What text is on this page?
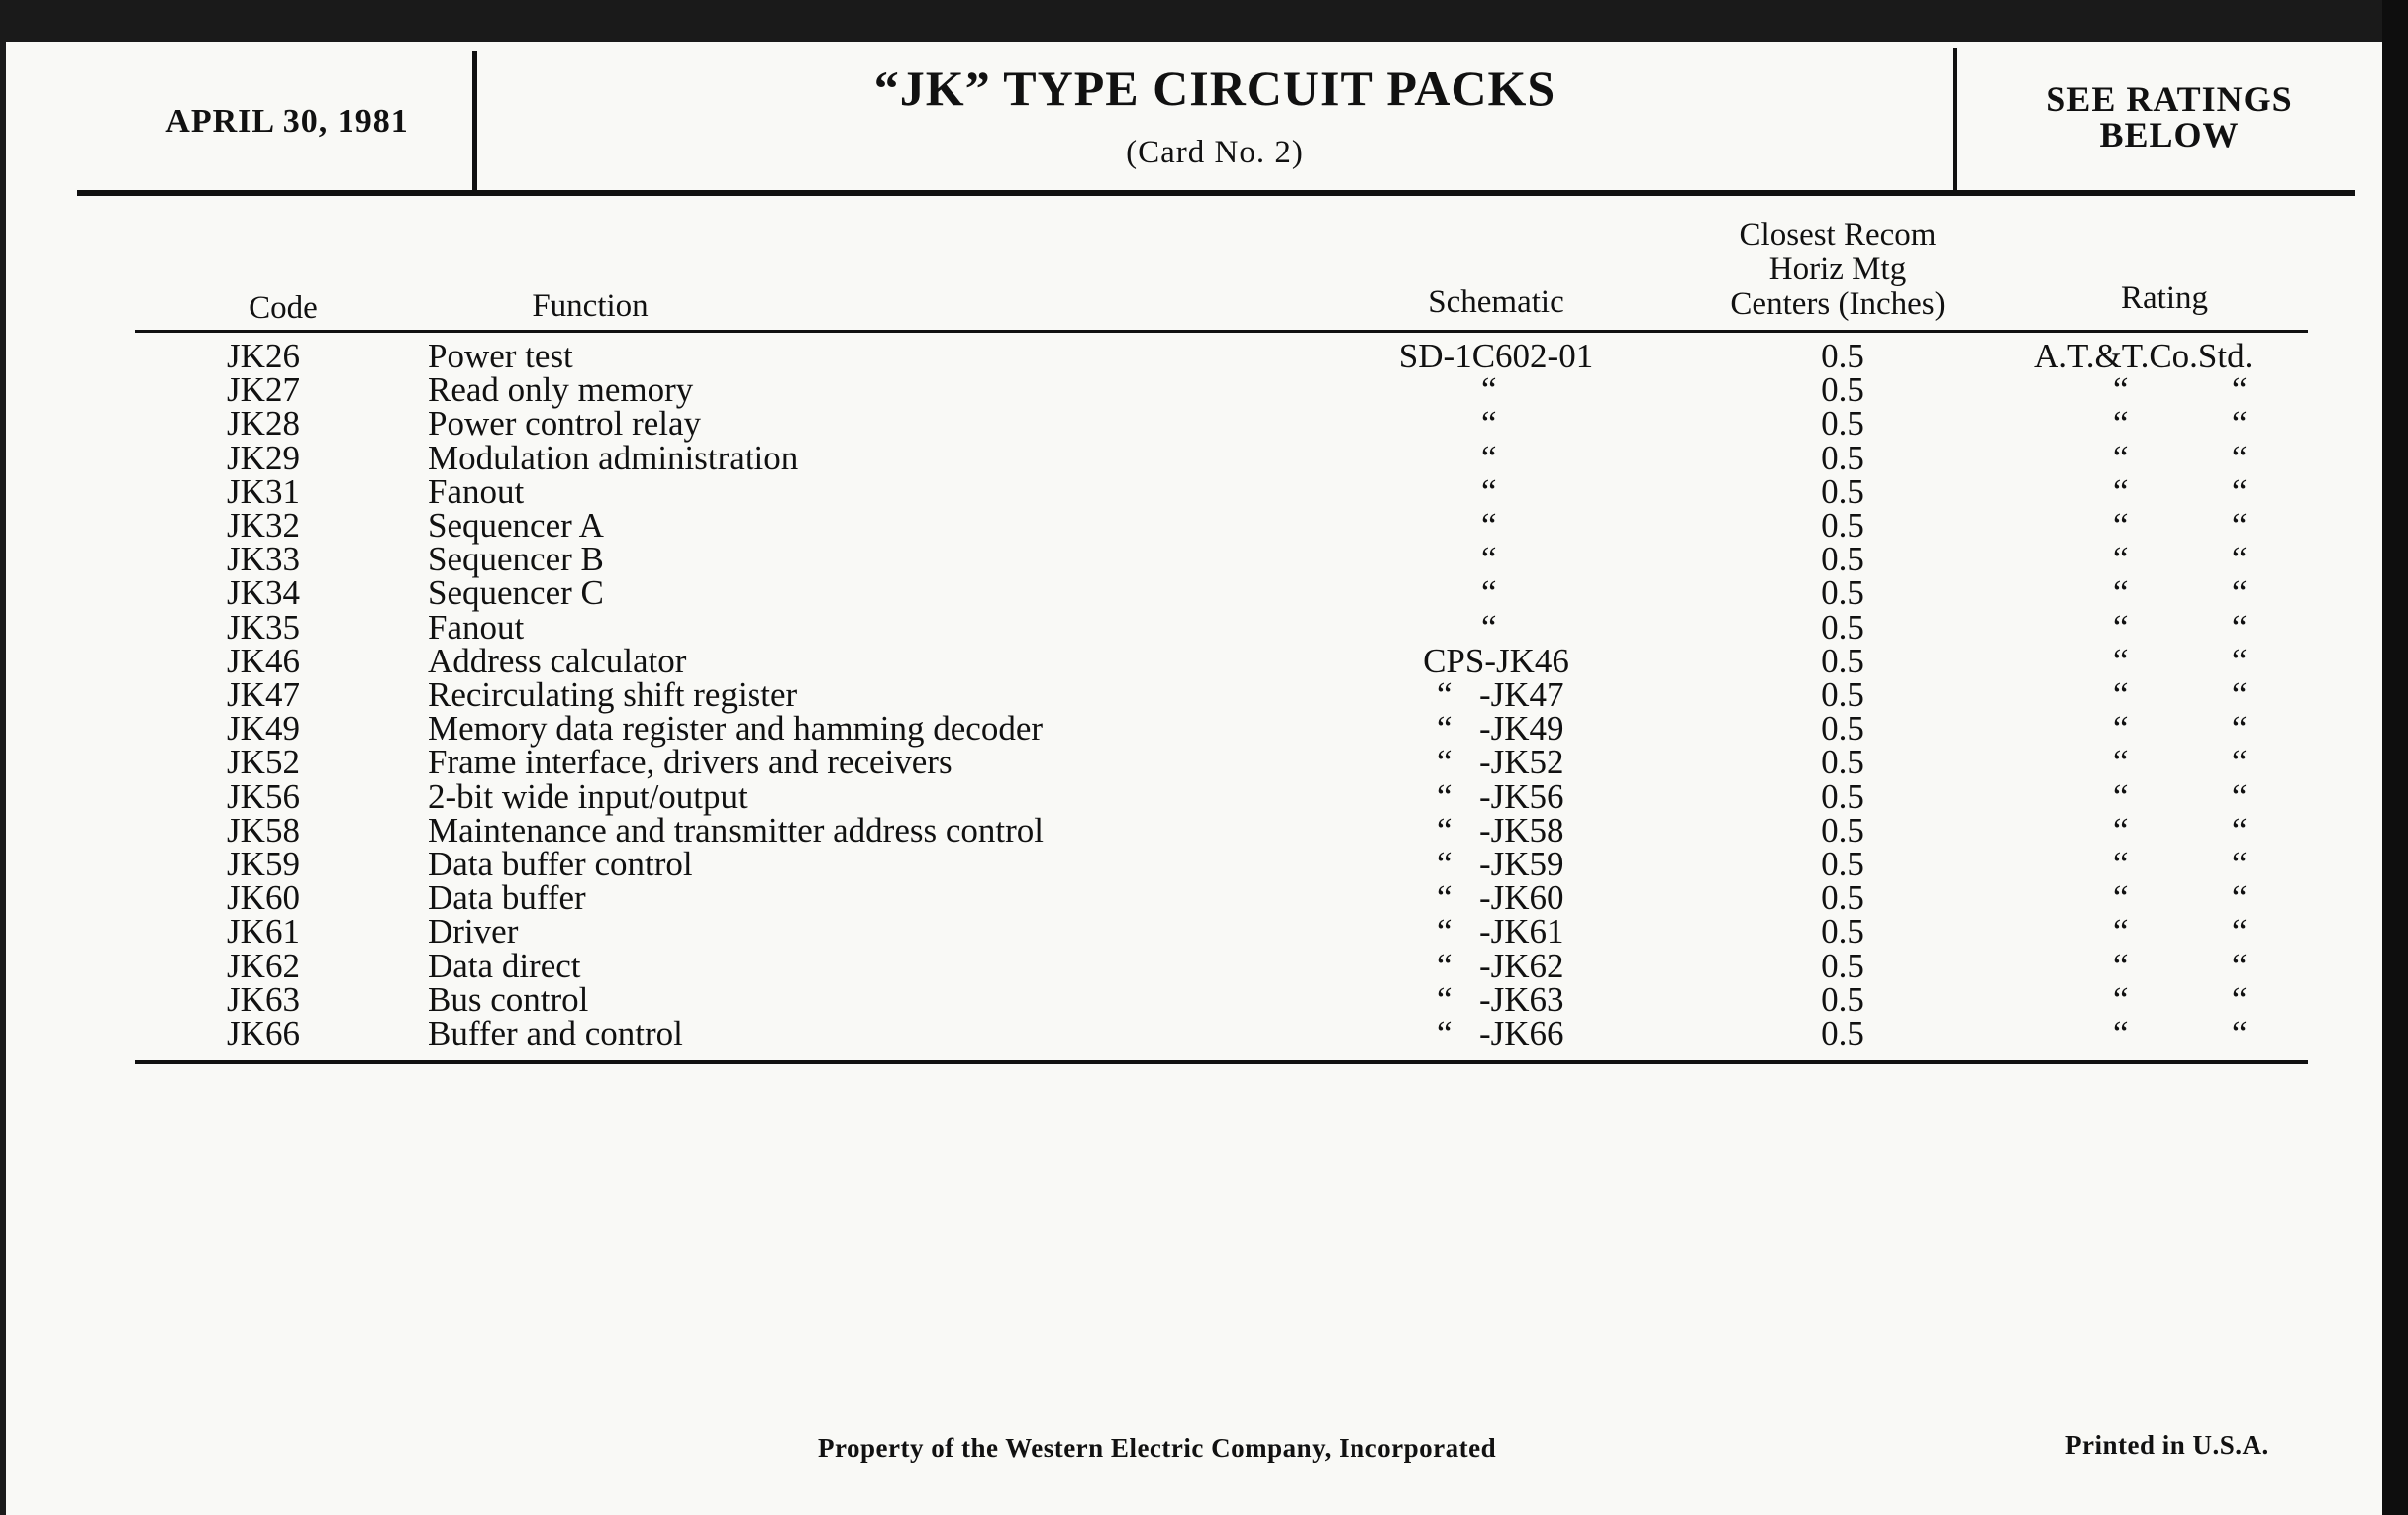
APRIL 30, 1981
“JK” TYPE CIRCUIT PACKS
(Card No. 2)
SEE RATINGS
BELOW
Code	Function	Schematic
Closest Recom
Horiz Mtg
Centers (Inches)	Rating
JK26	Power test	SD-1C602-01	0.5	A.T.&T.Co.Std.
JK27	Read only memory	“	0.5	“	“
JK28	Power control relay	“	0.5	“	“
JK29	Modulation administration	“	0.5	“	“
JK31	Fanout	“	0.5	“	“
JK32	Sequencer A	“	0.5	“	“
JK33	Sequencer B	“	0.5	“	“
JK34	Sequencer C	“	0.5	“	“
JK35	Fanout	“	0.5	“	“
JK46	Address calculator	CPS-JK46	0.5	“	“
JK47	Recirculating shift register	“ -JK47	0.5	“	“
JK49	Memory data register and hamming decoder	“ -JK49	0.5	“	“
JK52	Frame interface, drivers and receivers	“ -JK52	0.5	“	“
JK56	2-bit wide input/output	“ -JK56	0.5	“	“
JK58	Maintenance and transmitter address control	“ -JK58	0.5	“	“
JK59	Data buffer control	“ -JK59	0.5	“	“
JK60	Data buffer	“ -JK60	0.5	“	“
JK61	Driver	“ -JK61	0.5	“	“
JK62	Data direct	“ -JK62	0.5	“	“
JK63	Bus control	“ -JK63	0.5	“	“
JK66	Buffer and control	“ -JK66	0.5	“	“
Property of the Western Electric Company, Incorporated	Printed in U.S.A.
